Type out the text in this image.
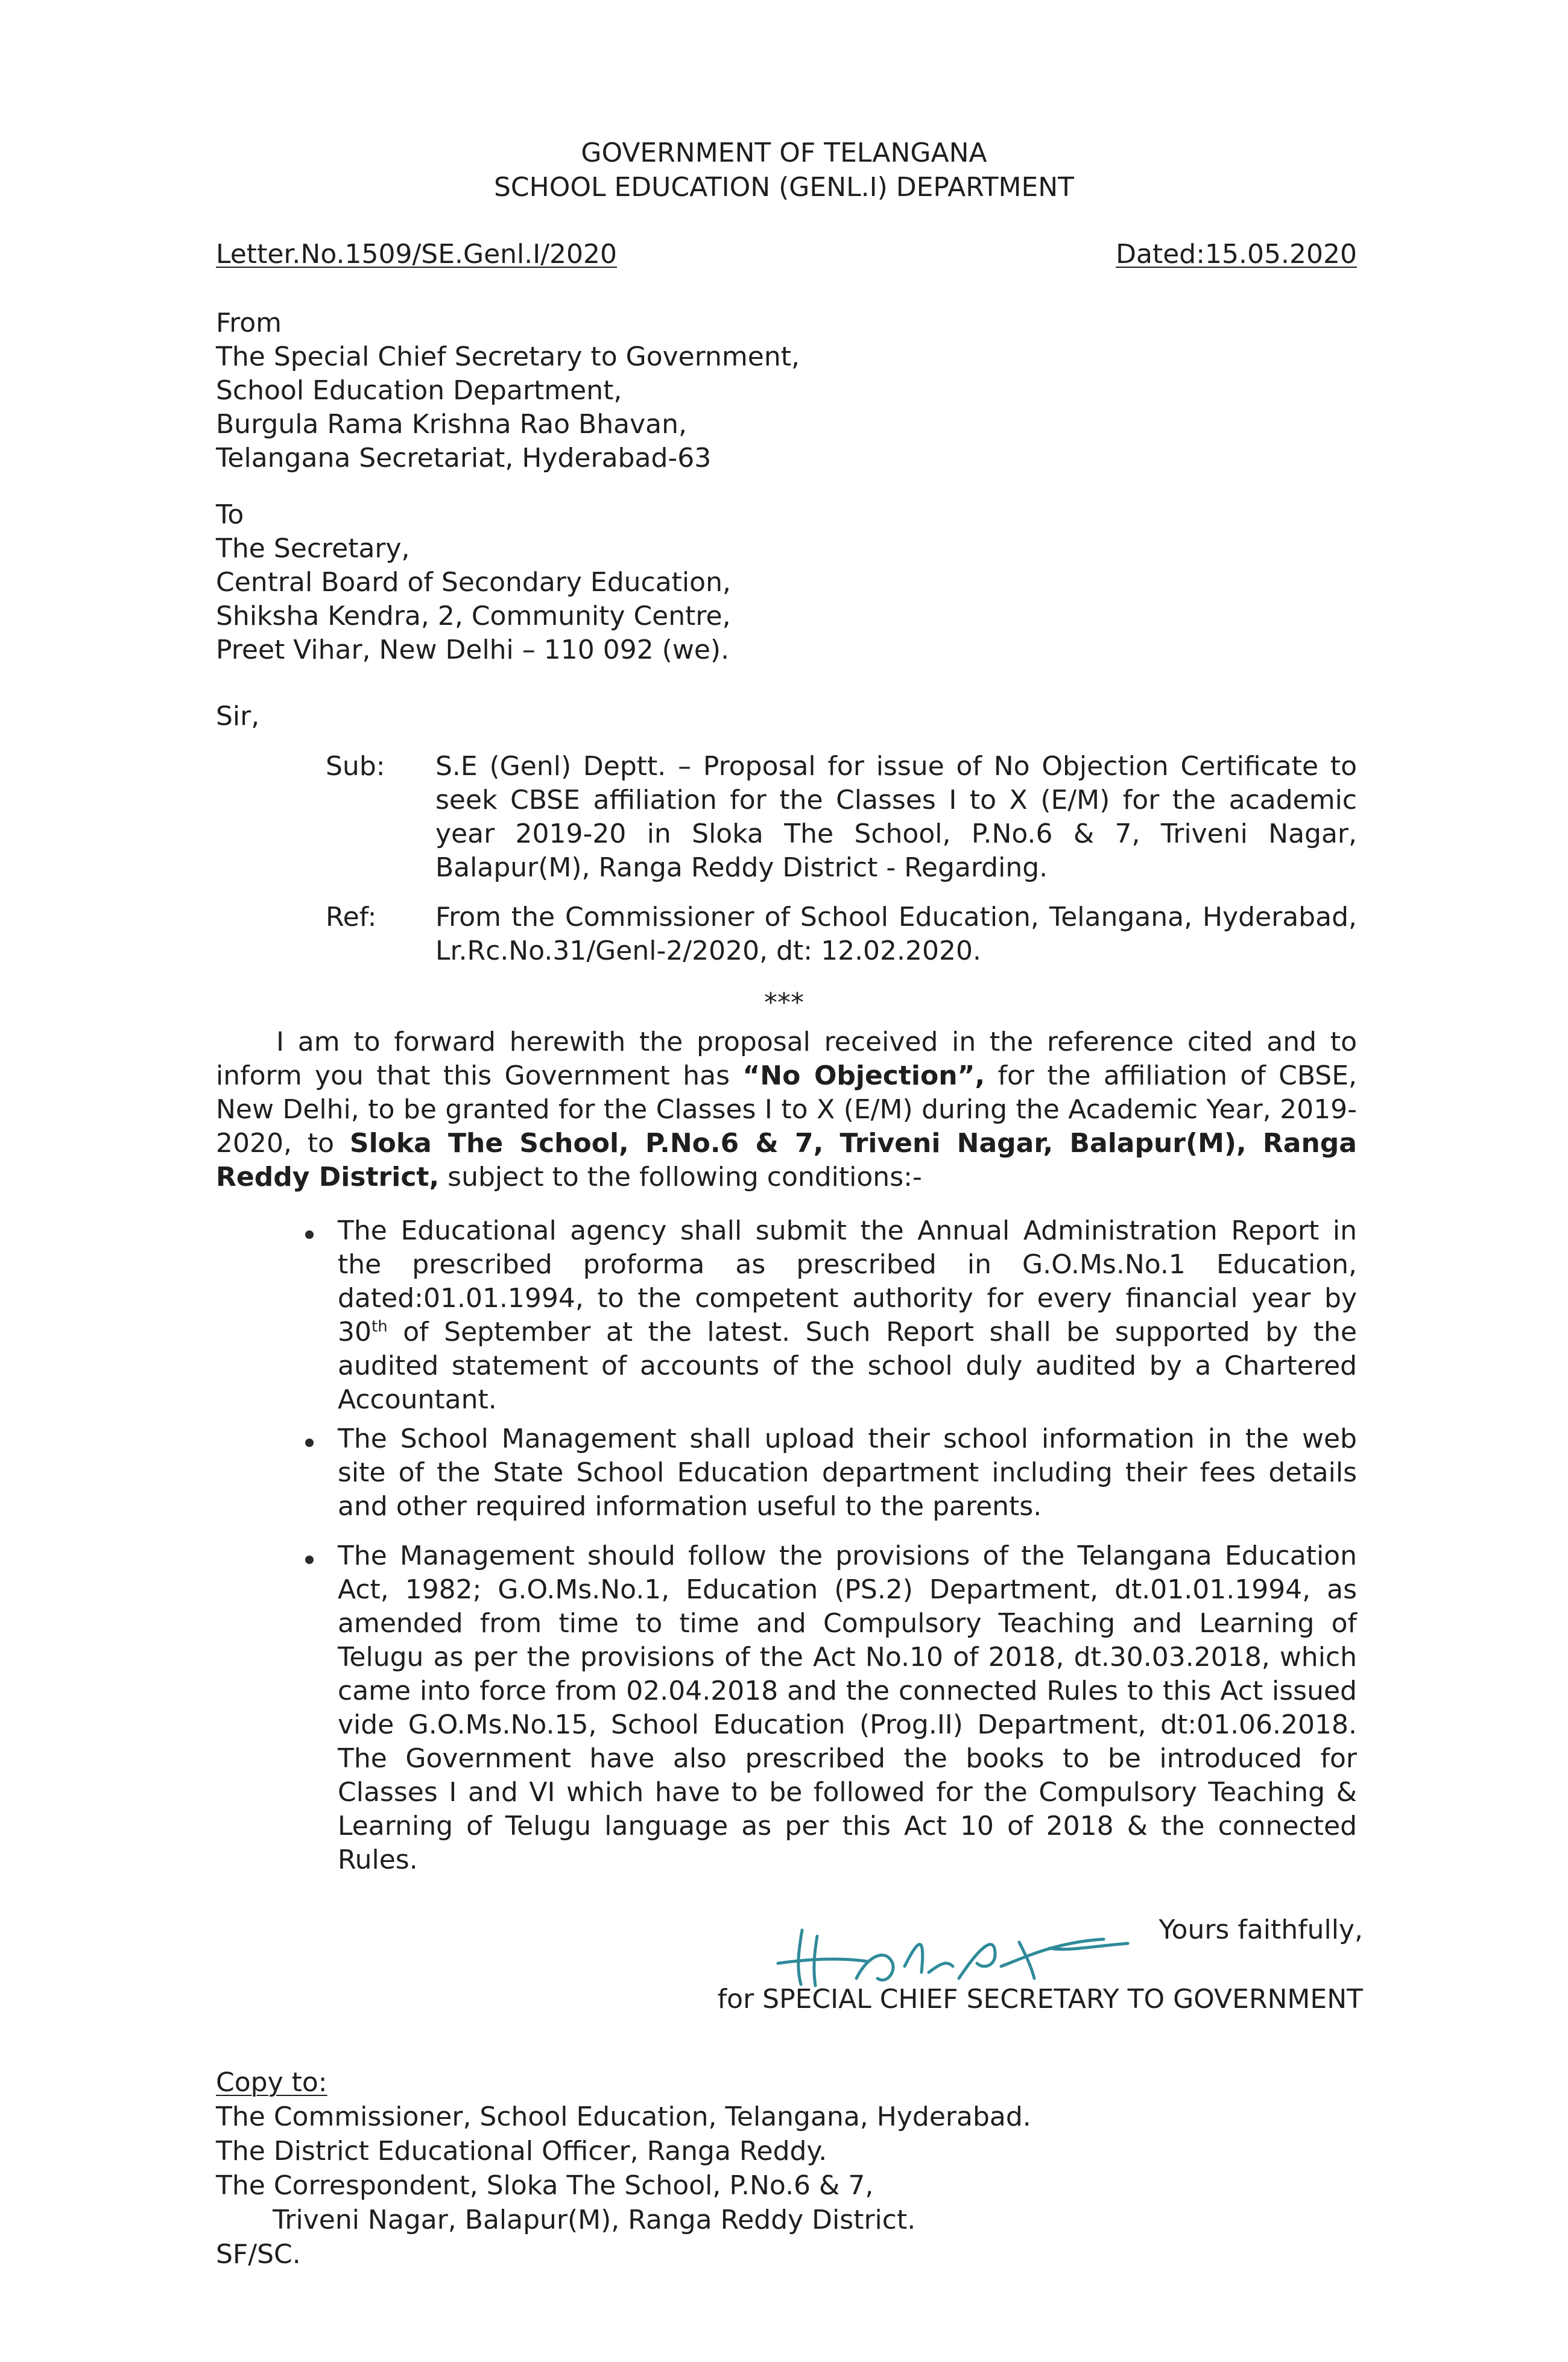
GOVERNMENT OF TELANGANA
SCHOOL EDUCATION (GENL.I) DEPARTMENT
Letter.No.1509/SE.Genl.I/2020	Dated:15.05.2020
From
The Special Chief Secretary to Government,
School Education Department,
Burgula Rama Krishna Rao Bhavan,
Telangana Secretariat, Hyderabad-63
To
The Secretary,
Central Board of Secondary Education,
Shiksha Kendra, 2, Community Centre,
Preet Vihar, New Delhi – 110 092 (we).
Sir,
Sub: S.E (Genl) Deptt. – Proposal for issue of No Objection Certificate to seek CBSE affiliation for the Classes I to X (E/M) for the academic year 2019-20 in Sloka The School, P.No.6 & 7, Triveni Nagar, Balapur(M), Ranga Reddy District - Regarding.
Ref: From the Commissioner of School Education, Telangana, Hyderabad, Lr.Rc.No.31/Genl-2/2020, dt: 12.02.2020.
***
I am to forward herewith the proposal received in the reference cited and to inform you that this Government has “No Objection”, for the affiliation of CBSE, New Delhi, to be granted for the Classes I to X (E/M) during the Academic Year, 2019-2020, to Sloka The School, P.No.6 & 7, Triveni Nagar, Balapur(M), Ranga Reddy District, subject to the following conditions:-
The Educational agency shall submit the Annual Administration Report in the prescribed proforma as prescribed in G.O.Ms.No.1 Education, dated:01.01.1994, to the competent authority for every financial year by 30th of September at the latest. Such Report shall be supported by the audited statement of accounts of the school duly audited by a Chartered Accountant.
The School Management shall upload their school information in the web site of the State School Education department including their fees details and other required information useful to the parents.
The Management should follow the provisions of the Telangana Education Act, 1982; G.O.Ms.No.1, Education (PS.2) Department, dt.01.01.1994, as amended from time to time and Compulsory Teaching and Learning of Telugu as per the provisions of the Act No.10 of 2018, dt.30.03.2018, which came into force from 02.04.2018 and the connected Rules to this Act issued vide G.O.Ms.No.15, School Education (Prog.II) Department, dt:01.06.2018. The Government have also prescribed the books to be introduced for Classes I and VI which have to be followed for the Compulsory Teaching & Learning of Telugu language as per this Act 10 of 2018 & the connected Rules.
Yours faithfully,
for SPECIAL CHIEF SECRETARY TO GOVERNMENT
Copy to:
The Commissioner, School Education, Telangana, Hyderabad.
The District Educational Officer, Ranga Reddy.
The Correspondent, Sloka The School, P.No.6 & 7,
Triveni Nagar, Balapur(M), Ranga Reddy District.
SF/SC.
